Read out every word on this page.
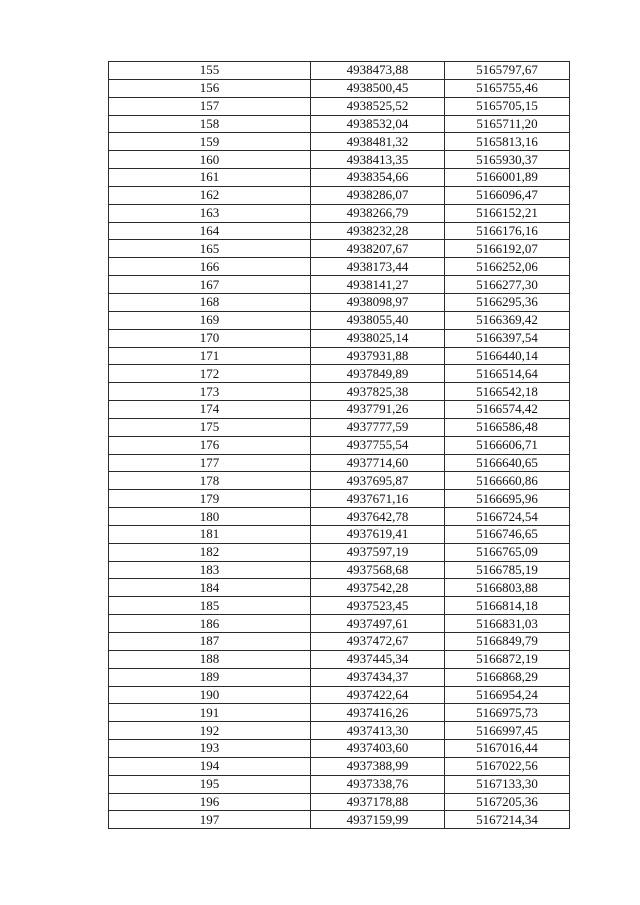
155	4938473,88	5165797,67
156	4938500,45	5165755,46
157	4938525,52	5165705,15
158	4938532,04	5165711,20
159	4938481,32	5165813,16
160	4938413,35	5165930,37
161	4938354,66	5166001,89
162	4938286,07	5166096,47
163	4938266,79	5166152,21
164	4938232,28	5166176,16
165	4938207,67	5166192,07
166	4938173,44	5166252,06
167	4938141,27	5166277,30
168	4938098,97	5166295,36
169	4938055,40	5166369,42
170	4938025,14	5166397,54
171	4937931,88	5166440,14
172	4937849,89	5166514,64
173	4937825,38	5166542,18
174	4937791,26	5166574,42
175	4937777,59	5166586,48
176	4937755,54	5166606,71
177	4937714,60	5166640,65
178	4937695,87	5166660,86
179	4937671,16	5166695,96
180	4937642,78	5166724,54
181	4937619,41	5166746,65
182	4937597,19	5166765,09
183	4937568,68	5166785,19
184	4937542,28	5166803,88
185	4937523,45	5166814,18
186	4937497,61	5166831,03
187	4937472,67	5166849,79
188	4937445,34	5166872,19
189	4937434,37	5166868,29
190	4937422,64	5166954,24
191	4937416,26	5166975,73
192	4937413,30	5166997,45
193	4937403,60	5167016,44
194	4937388,99	5167022,56
195	4937338,76	5167133,30
196	4937178,88	5167205,36
197	4937159,99	5167214,34
